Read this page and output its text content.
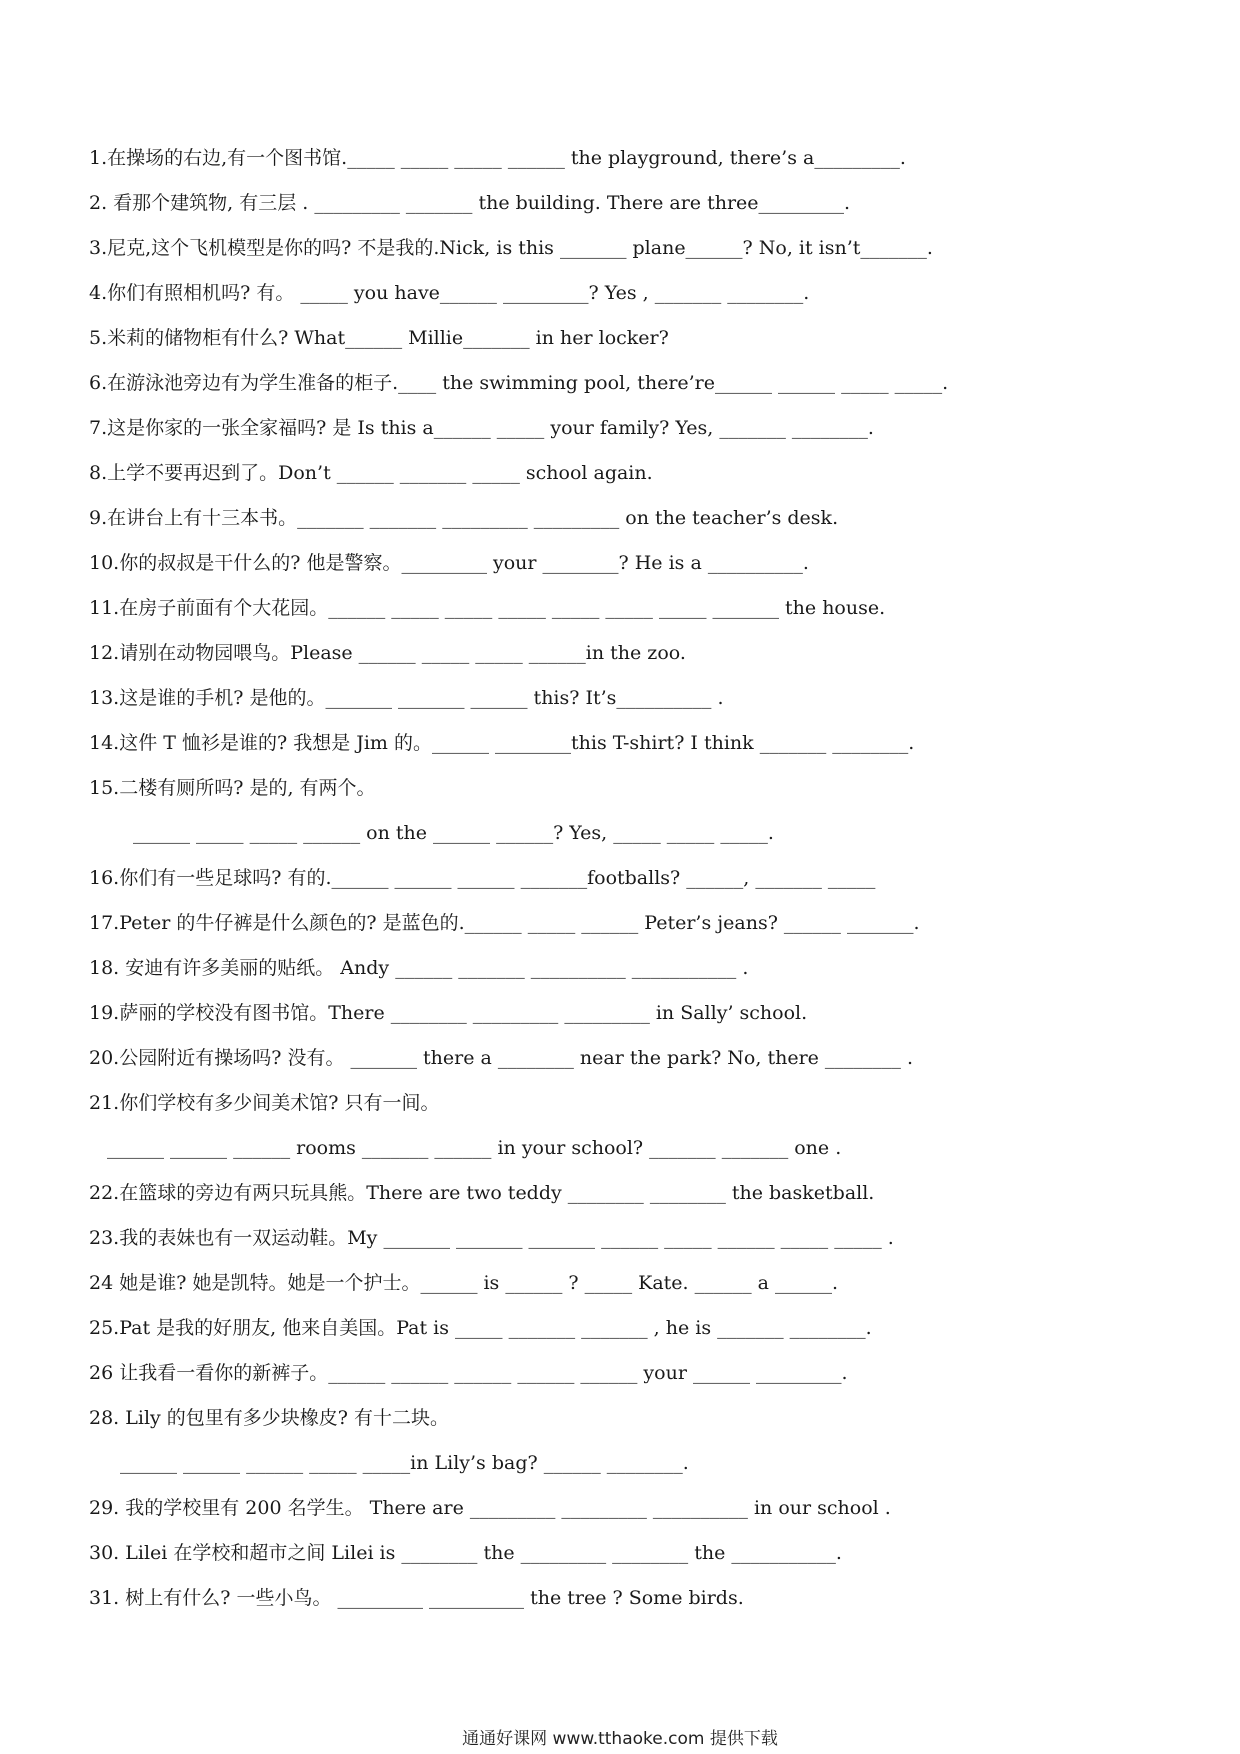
1.在操场的右边,有一个图书馆._____ _____ _____ ______ the playground, there’s a_________.
2. 看那个建筑物, 有三层 . _________ _______ the building. There are three_________.
3.尼克,这个飞机模型是你的吗? 不是我的.Nick, is this _______ plane______? No, it isn’t_______.
4.你们有照相机吗? 有。 _____ you have______ _________? Yes , _______ ________.
5.米莉的储物柜有什么? What______ Millie_______ in her locker?
6.在游泳池旁边有为学生准备的柜子.____ the swimming pool, there’re______ ______ _____ _____.
7.这是你家的一张全家福吗? 是 Is this a______ _____ your family? Yes, _______ ________.
8.上学不要再迟到了。Don’t ______ _______ _____ school again.
9.在讲台上有十三本书。_______ _______ _________ _________ on the teacher’s desk.
10.你的叔叔是干什么的? 他是警察。_________ your ________? He is a __________.
11.在房子前面有个大花园。______ _____ _____ _____ _____ _____ _____ _______ the house.
12.请别在动物园喂鸟。Please ______ _____ _____ ______in the zoo.
13.这是谁的手机? 是他的。_______ _______ ______ this? It’s__________ .
14.这件 T 恤衫是谁的? 我想是 Jim 的。______ ________this T-shirt? I think _______ ________.
15.二楼有厕所吗? 是的, 有两个。
______ _____ _____ ______ on the ______ ______? Yes, _____ _____ _____.
16.你们有一些足球吗? 有的.______ ______ ______ _______footballs? ______, _______ _____
17.Peter 的牛仔裤是什么颜色的? 是蓝色的.______ _____ ______ Peter’s jeans? ______ _______.
18. 安迪有许多美丽的贴纸。 Andy ______ _______ __________ ___________ .
19.萨丽的学校没有图书馆。There ________ _________ _________ in Sally’ school.
20.公园附近有操场吗? 没有。 _______ there a ________ near the park? No, there ________ .
21.你们学校有多少间美术馆? 只有一间。
______ ______ ______ rooms _______ ______ in your school? _______ _______ one .
22.在篮球的旁边有两只玩具熊。There are two teddy ________ ________ the basketball.
23.我的表妹也有一双运动鞋。My _______ _______ _______ ______ _____ ______ _____ _____ .
24 她是谁? 她是凯特。她是一个护士。______ is ______ ? _____ Kate. ______ a ______.
25.Pat 是我的好朋友, 他来自美国。Pat is _____ _______ _______ , he is _______ ________.
26 让我看一看你的新裤子。______ ______ ______ ______ ______ your ______ _________.
28. Lily 的包里有多少块橡皮? 有十二块。
______ ______ ______ _____ _____in Lily’s bag? ______ ________.
29. 我的学校里有 200 名学生。 There are _________ _________ __________ in our school .
30. Lilei 在学校和超市之间 Lilei is ________ the _________ ________ the ___________.
31. 树上有什么? 一些小鸟。 _________ __________ the tree ? Some birds.
通通好课网 www.tthaoke.com 提供下载
